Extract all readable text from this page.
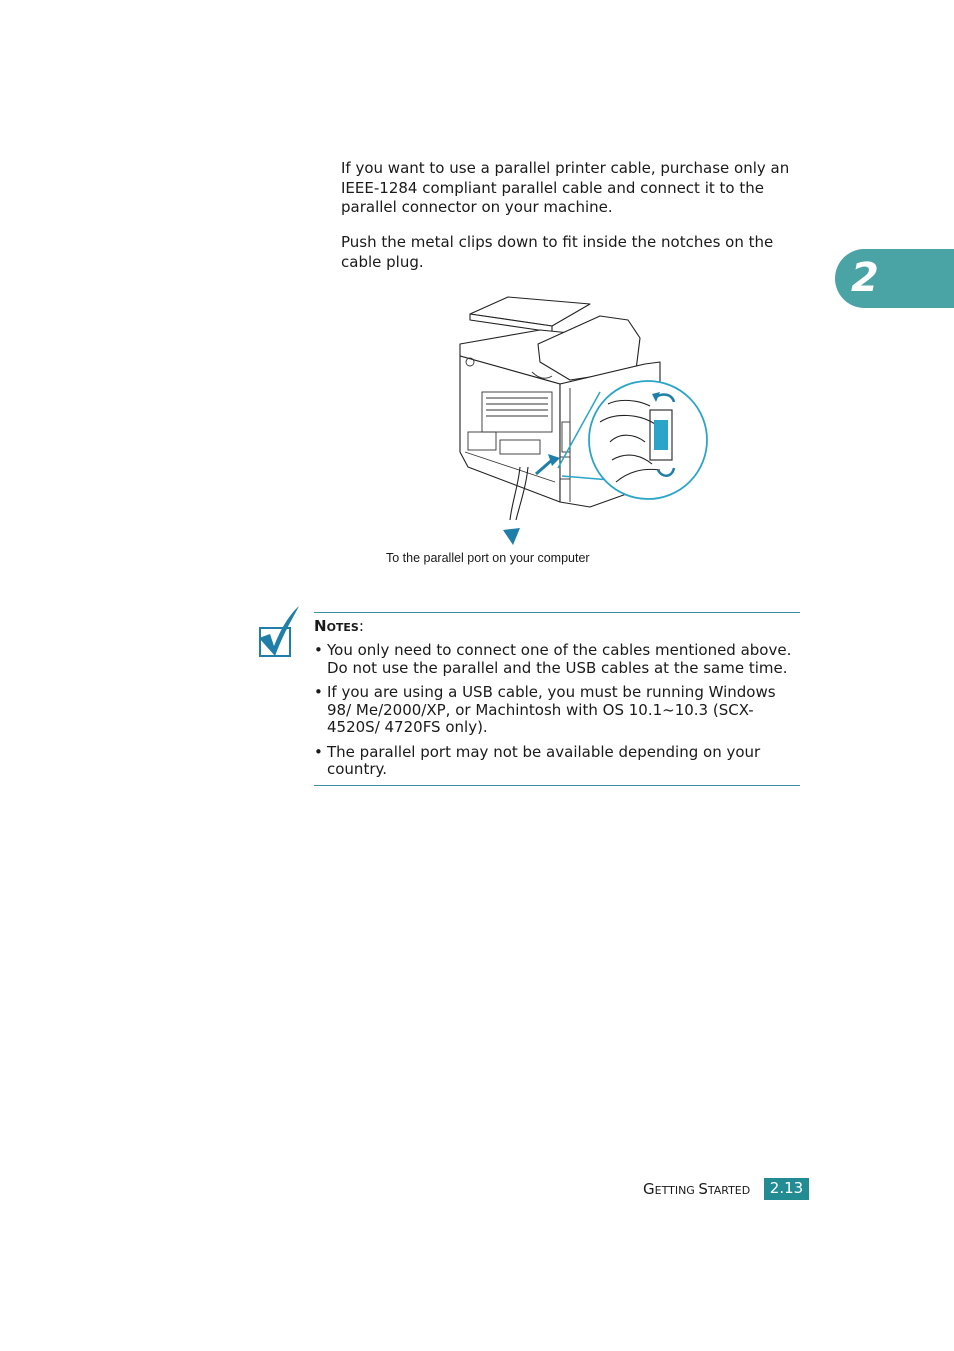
If you want to use a parallel printer cable, purchase only an IEEE-1284 compliant parallel cable and connect it to the parallel connector on your machine.

Push the metal clips down to fit inside the notches on the cable plug.	2

To the parallel port on your computer

NOTES:

• You only need to connect one of the cables mentioned above. Do not use the parallel and the USB cables at the same time.
• If you are using a USB cable, you must be running Windows 98/ Me/2000/XP, or Machintosh with OS 10.1~10.3 (SCX-4520S/ 4720FS only).
• The parallel port may not be available depending on your country.

GETTING STARTED	2.13
